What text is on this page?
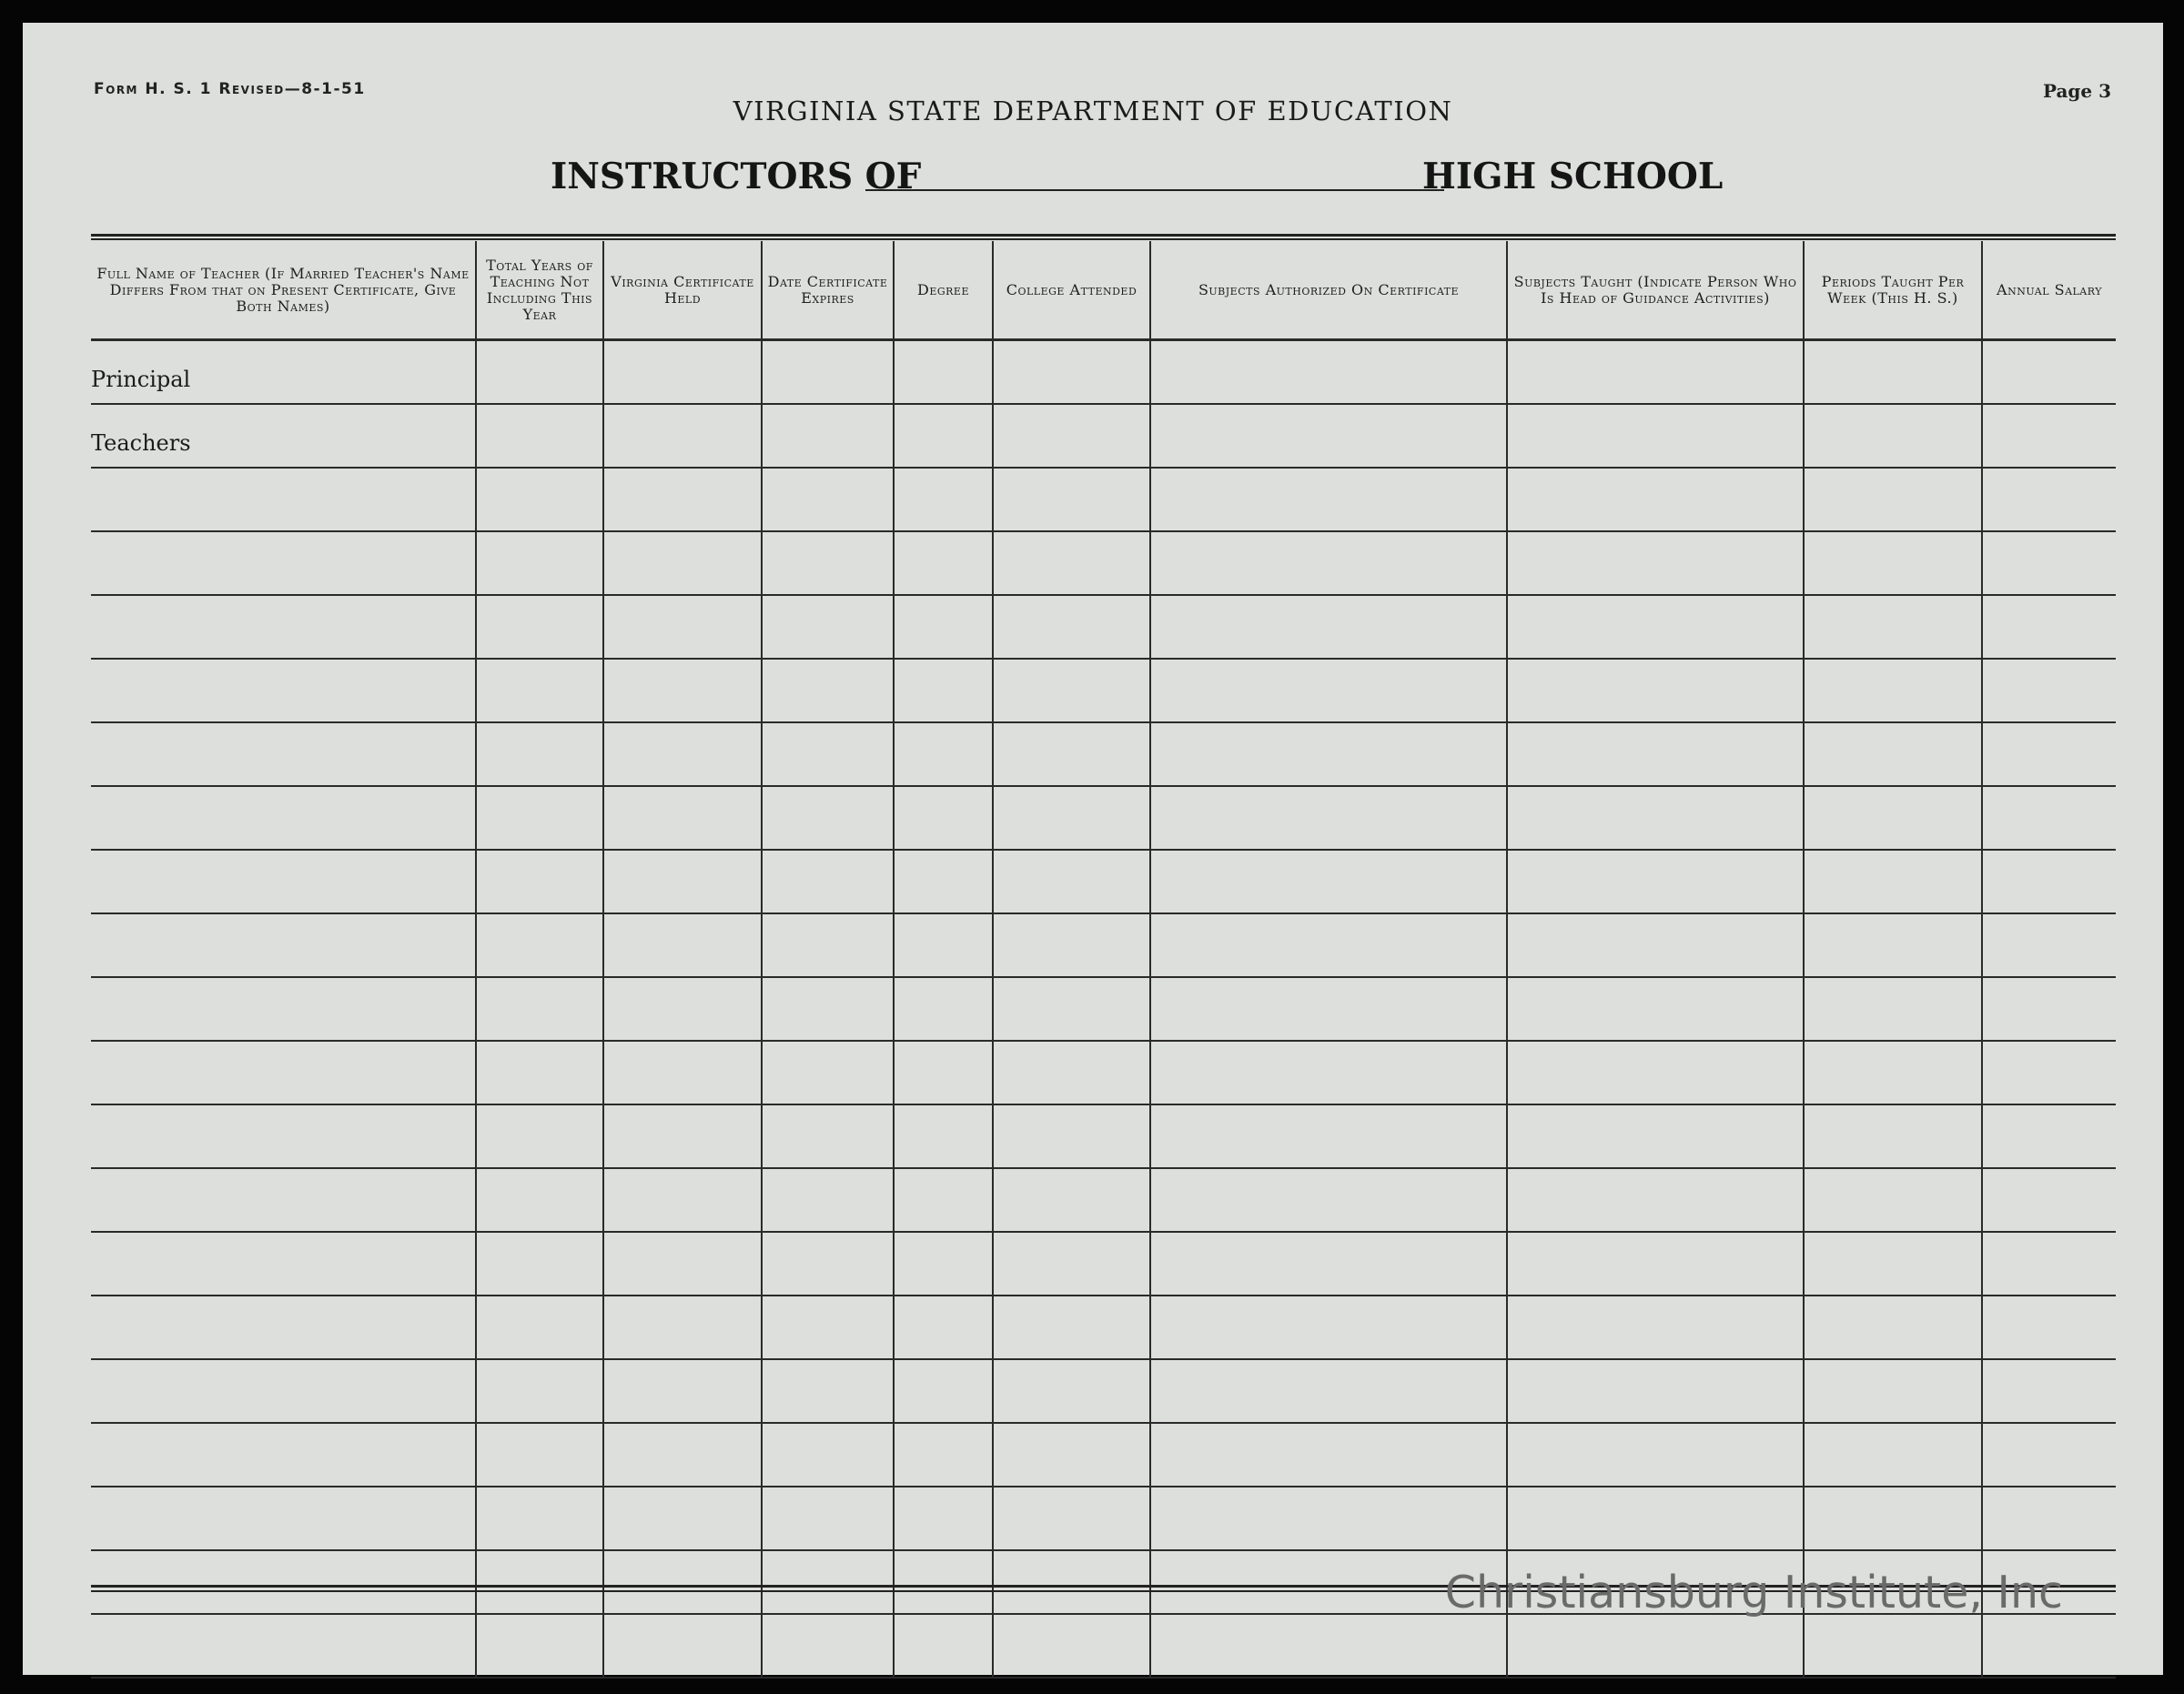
Form H. S. 1 Revised—8-1-51	Page 3
VIRGINIA STATE DEPARTMENT OF EDUCATION
INSTRUCTORS OF	HIGH SCHOOL
Full Name of Teacher (If Married Teacher's Name Differs From that on Present Certificate, Give Both Names)	Total Years of Teaching Not Including This Year	Virginia Certificate Held	Date Certificate Expires	Degree	College Attended	Subjects Authorized On Certificate	Subjects Taught (Indicate Person Who Is Head of Guidance Activities)	Periods Taught Per Week (This H. S.)	Annual Salary

Principal									

Teachers									

Christiansburg Institute, Inc
